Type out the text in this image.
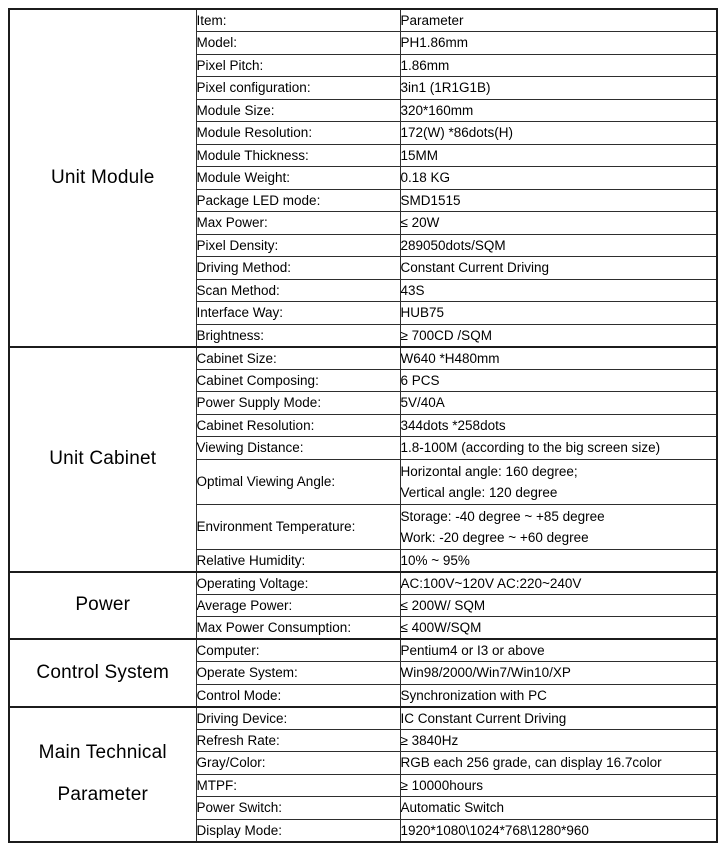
Unit Module	Item:	Parameter
	Model:	PH1.86mm
	Pixel Pitch:	1.86mm
	Pixel configuration:	3in1 (1R1G1B)
	Module Size:	320*160mm
	Module Resolution:	172(W) *86dots(H)
	Module Thickness:	15MM
	Module Weight:	0.18 KG
	Package LED mode:	SMD1515
	Max Power:	≤ 20W
	Pixel Density:	289050dots/SQM
	Driving Method:	Constant Current Driving
	Scan Method:	43S
	Interface Way:	HUB75
	Brightness:	≥ 700CD /SQM
Unit Cabinet	Cabinet Size:	W640 *H480mm
	Cabinet Composing:	6 PCS
	Power Supply Mode:	5V/40A
	Cabinet Resolution:	344dots *258dots
	Viewing Distance:	1.8-100M (according to the big screen size)
	Optimal Viewing Angle:	Horizontal angle: 160 degree;
Vertical angle: 120 degree

	Environment Temperature:	Storage: -40 degree ~ +85 degree
Work: -20 degree ~ +60 degree

	Relative Humidity:	10% ~ 95%
Power	Operating Voltage:	AC:100V~120V AC:220~240V
	Average Power:	≤ 200W/ SQM
	Max Power Consumption:	≤ 400W/SQM
Control System	Computer:	Pentium4 or I3 or above
	Operate System:	Win98/2000/Win7/Win10/XP
	Control Mode:	Synchronization with PC

Main Technical
Parameter	Driving Device:	IC Constant Current Driving
	Refresh Rate:	≥ 3840Hz
	Gray/Color:	RGB each 256 grade, can display 16.7color
	MTPF:	≥ 10000hours
	Power Switch:	Automatic Switch
	Display Mode:	1920*1080\1024*768\1280*960
